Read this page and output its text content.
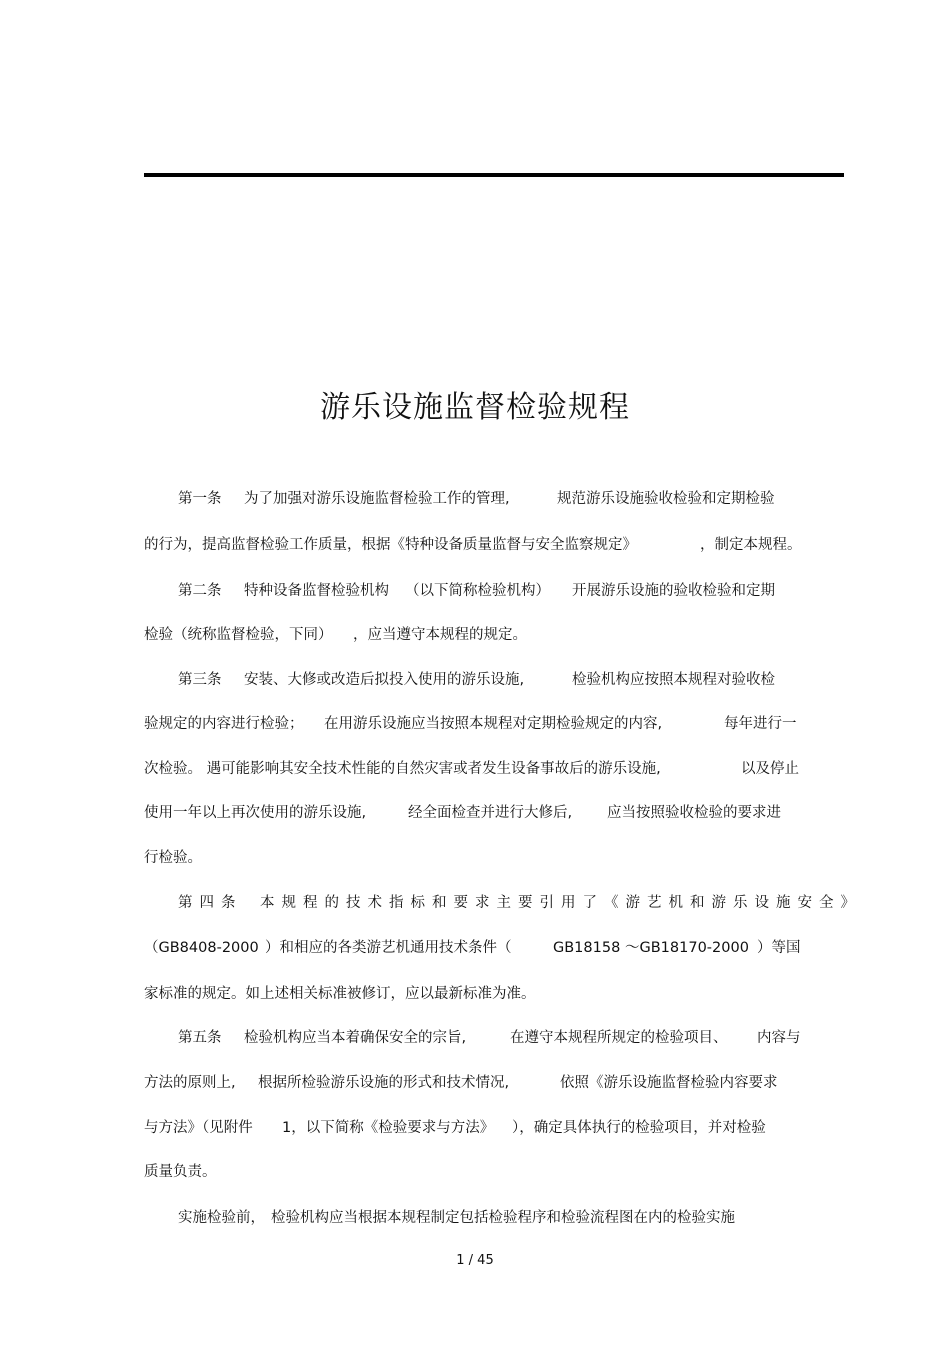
游乐设施监督检验规程
第一条 为了加强对游乐设施监督检验工作的管理,	规范游乐设施验收检验和定期检验
的行为，提高监督检验工作质量，根据《特种设备质量监督与安全监察规定》	，制定本规程。
第二条 特种设备监督检验机构 （以下简称检验机构） 开展游乐设施的验收检验和定期
检验（统称监督检验，下同） ，应当遵守本规程的规定。
第三条 安装、大修或改造后拟投入使用的游乐设施,	检验机构应按照本规程对验收检
验规定的内容进行检验； 在用游乐设施应当按照本规程对定期检验规定的内容,	每年进行一
次检验。 遇可能影响其安全技术性能的自然灾害或者发生设备事故后的游乐设施,	以及停止
使用一年以上再次使用的游乐设施,	经全面检查并进行大修后, 应当按照验收检验的要求进
行检验。
第四条 本规程的技术指标和要求主要引用了《游艺机和游乐设施安全》
（GB8408-2000 ）和相应的各类游艺机通用技术条件（	GB18158 ～GB18170-2000 ）等国
家标准的规定。如上述相关标准被修订，应以最新标准为准。
第五条 检验机构应当本着确保安全的宗旨,	在遵守本规程所规定的检验项目、 内容与
方法的原则上, 根据所检验游乐设施的形式和技术情况,	依照《游乐设施监督检验内容要求
与方法》（见附件 1，以下简称《检验要求与方法》 ），确定具体执行的检验项目，并对检验
质量负责。
实施检验前， 检验机构应当根据本规程制定包括检验程序和检验流程图在内的检验实施
1 / 45
